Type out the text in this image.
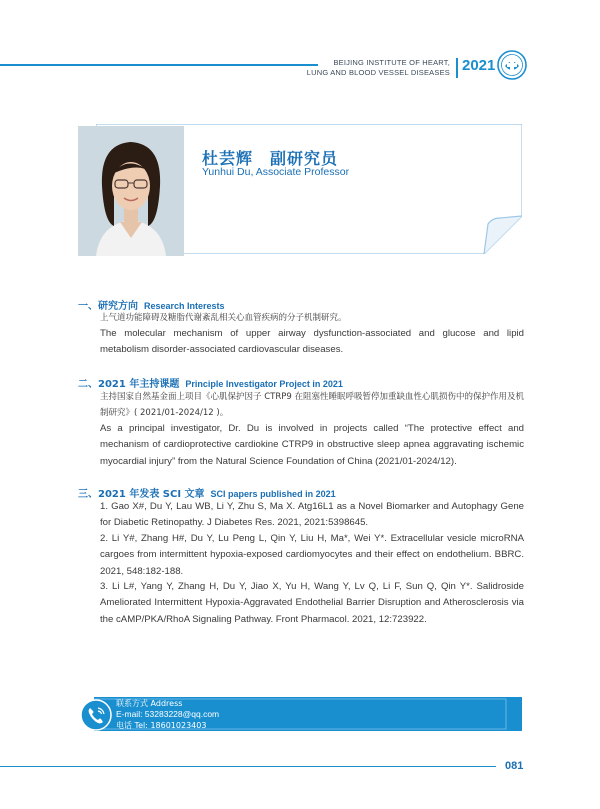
BEIJING INSTITUTE OF HEART,
LUNG AND BLOOD VESSEL DISEASES 2021
杜芸辉　副研究员
Yunhui Du, Associate Professor
一、研究方向 Research Interests
上气道功能障碍及糖脂代谢紊乱相关心血管疾病的分子机制研究。
The molecular mechanism of upper airway dysfunction-associated and glucose and lipid metabolism disorder-associated cardiovascular diseases.
二、2021 年主持课题 Principle Investigator Project in 2021
主持国家自然基金面上项目《心肌保护因子 CTRP9 在阻塞性睡眠呼吸暂停加重缺血性心肌损伤中的保护作用及机制研究》( 2021/01-2024/12 )。
As a principal investigator, Dr. Du is involved in projects called “The protective effect and mechanism of cardioprotective cardiokine CTRP9 in obstructive sleep apnea aggravating ischemic myocardial injury” from the Natural Science Foundation of China (2021/01-2024/12).
三、2021 年发表 SCI 文章 SCI papers published in 2021
1. Gao X#, Du Y, Lau WB, Li Y, Zhu S, Ma X. Atg16L1 as a Novel Biomarker and Autophagy Gene for Diabetic Retinopathy. J Diabetes Res. 2021, 2021:5398645.
2. Li Y#, Zhang H#, Du Y, Lu Peng L, Qin Y, Liu H, Ma*, Wei Y*. Extracellular vesicle microRNA cargoes from intermittent hypoxia-exposed cardiomyocytes and their effect on endothelium. BBRC. 2021, 548:182-188.
3. Li L#, Yang Y, Zhang H, Du Y, Jiao X, Yu H, Wang Y, Lv Q, Li F, Sun Q, Qin Y*. Salidroside Ameliorated Intermittent Hypoxia-Aggravated Endothelial Barrier Disruption and Atherosclerosis via the cAMP/PKA/RhoA Signaling Pathway. Front Pharmacol. 2021, 12:723922.
联系方式 Address
E-mail: 53283228@qq.com
电话 Tel: 18601023403
081
